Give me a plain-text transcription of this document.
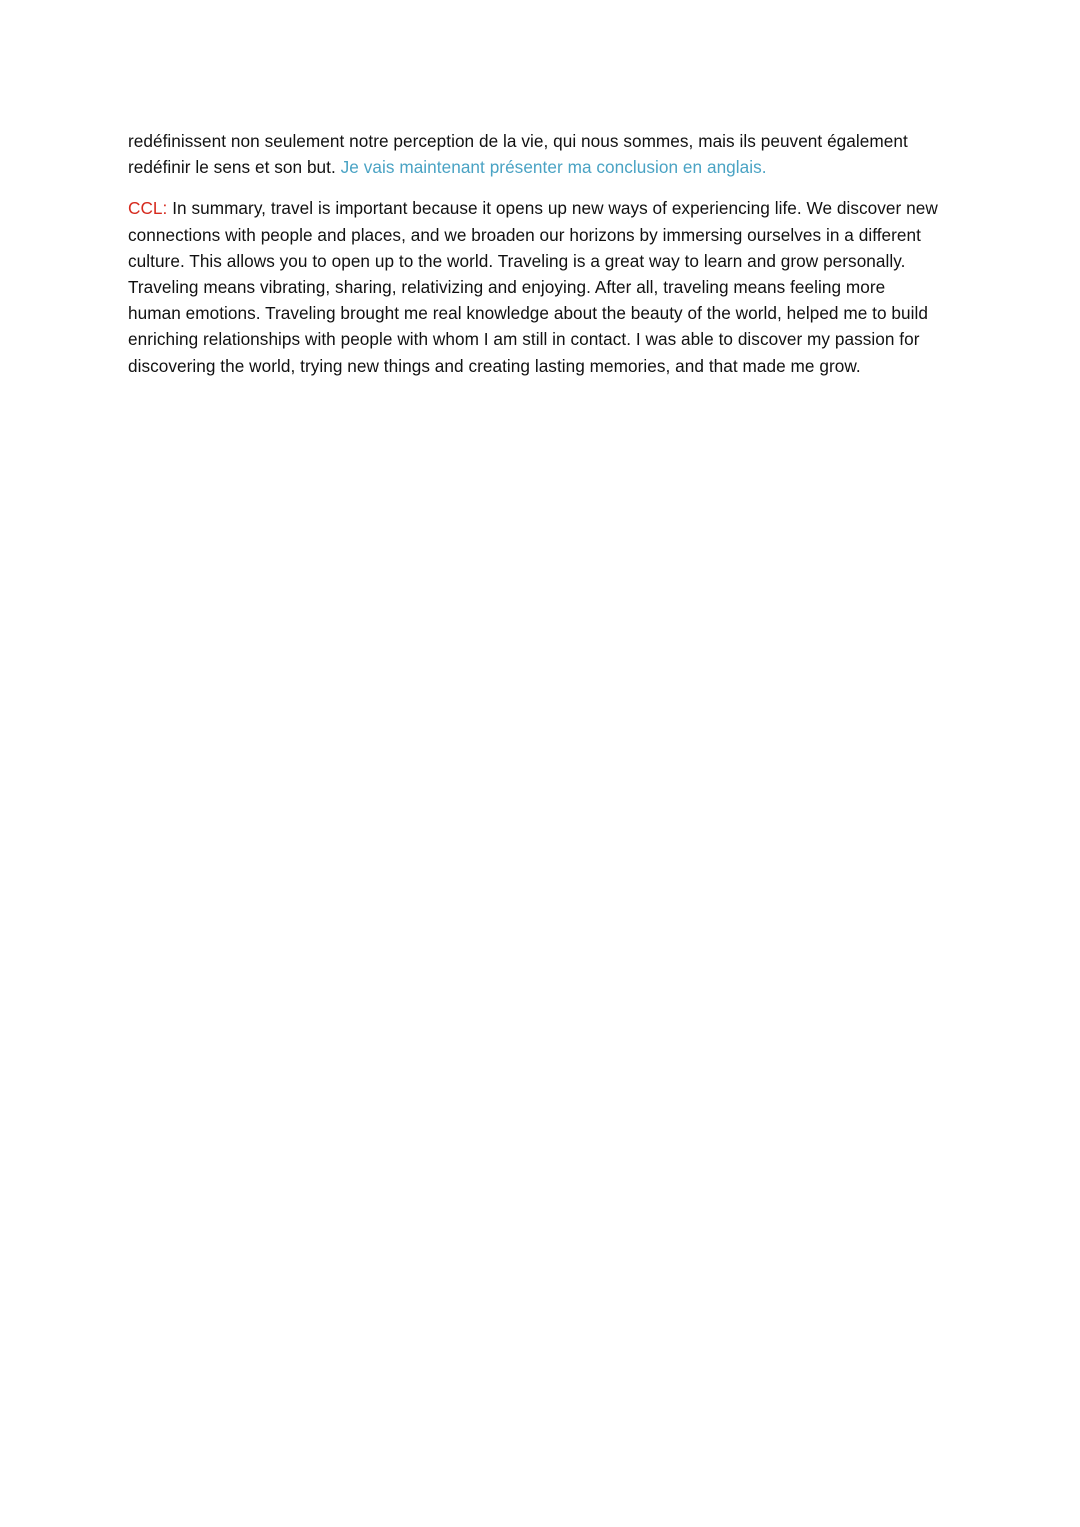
redéfinissent non seulement notre perception de la vie, qui nous sommes, mais ils peuvent également redéfinir le sens et son but. Je vais maintenant présenter ma conclusion en anglais.

CCL: In summary, travel is important because it opens up new ways of experiencing life. We discover new connections with people and places, and we broaden our horizons by immersing ourselves in a different culture. This allows you to open up to the world. Traveling is a great way to learn and grow personally. Traveling means vibrating, sharing, relativizing and enjoying. After all, traveling means feeling more human emotions. Traveling brought me real knowledge about the beauty of the world, helped me to build enriching relationships with people with whom I am still in contact. I was able to discover my passion for discovering the world, trying new things and creating lasting memories, and that made me grow.
